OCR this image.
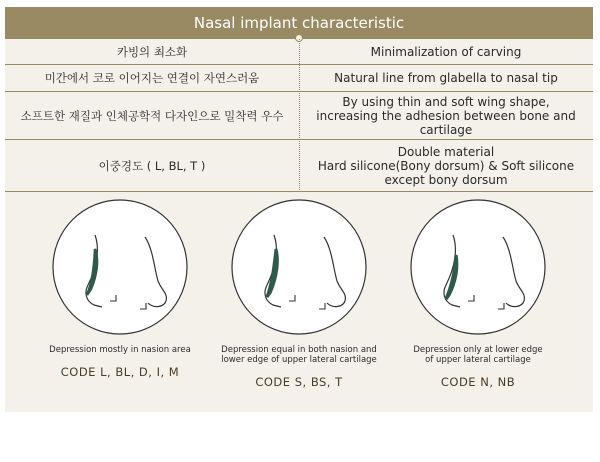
Nasal implant characteristic
카빙의 최소화	Minimalization of carving
미간에서 코로 이어지는 연결이 자연스러움	Natural line from glabella to nasal tip
소프트한 재질과 인체공학적 다자인으로 밀착력 우수
By using thin and soft wing shape,
increasing the adhesion between bone and cartilage
이중경도 ( L, BL, T )
Double material
Hard silicone(Bony dorsum) & Soft silicone
except bony dorsum
Depression mostly in nasion area
CODE L, BL, D, I, M
Depression equal in both nasion and
lower edge of upper lateral cartilage
CODE S, BS, T
Depression only at lower edge
of upper lateral cartilage
CODE N, NB
